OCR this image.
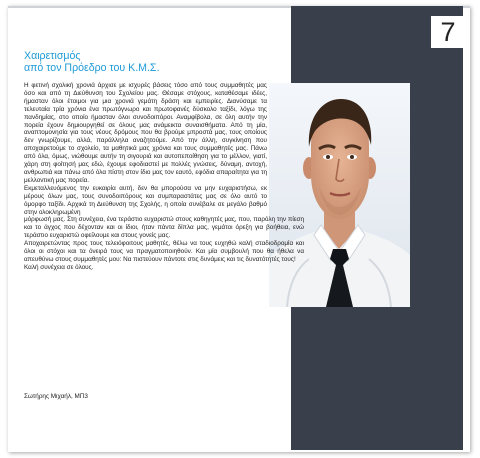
7
Χαιρετισμός
από τον Πρόεδρο του Κ.Μ.Σ.

Η φετινή σχολική χρονιά άρχισε με ισχυρές βάσεις τόσο από τους συμμαθητές μας όσο και από τη Διεύθυνση του Σχολείου μας. Θέσαμε στόχους, καταθέσαμε ιδέες, ήμασταν όλοι έτοιμοι για μια χρονιά γεμάτη δράση και εμπειρίες. Διανύσαμε τα τελευταία τρία χρόνια ένα πρωτόγνωρο και πρωτοφανές δύσκολο ταξίδι, λόγω της πανδημίας, στο οποίο ήμασταν όλοι συνοδοιπόροι. Αναμφίβολα, σε όλη αυτήν την πορεία έχουν δημιουργηθεί σε όλους μας ανάμεικτα συναισθήματα. Από τη μία, αναπτομονησία για τους νέους δρόμους που θα βρούμε μπροστά μας, τους οποίους δεν γνωρίζουμε, αλλά, παράλληλα αναζητούμε. Από την άλλη, συγκίνηση που αποχαιρετούμε το σχολείο, τα μαθητικά μας χρόνια και τους συμμαθητές μας. Πάνω από όλα, όμως, νιώθουμε αυτήν τη σιγουριά και αυτοπεποίθηση για το μέλλον, γιατί, χάρη στη φοίτησή μας εδώ, έχουμε εφοδιαστεί με πολλές γνώσεις, δύναμη, αντοχή, ανθρωπιά και πάνω από όλα πίστη στον ίδιο μας τον εαυτό, εφόδια απαραίτητα για τη μελλοντική μας πορεία.

Εκμεταλλευόμενος την ευκαιρία αυτή, δεν θα μπορούσα να μην ευχαριστήσω, εκ μέρους όλων μας, τους συνοδοιπόρους και συμπαραστάτες μας σε όλο αυτό το όμορφο ταξίδι. Αρχικά τη Διεύθυνση της Σχολής, η οποία συνέβαλε σε μεγάλο βαθμό στην ολοκληρωμένη

μόρφωσή μας. Στη συνέχεια, ένα τεράστιο ευχαριστώ στους καθηγητές μας, που, παρόλη την πίεση και το άγχος που δέχονταν και οι ίδιοι, ήταν πάντα δίπλα μας, γεμάτοι όρεξη για βοήθεια, ενώ τεράστιο ευχαριστώ οφείλουμε και στους γονείς μας.

Αποχαιρετώντας προς τους τελειόφοιτους μαθητές, θέλω να τους ευχηθώ καλή σταδιοδρομία και όλοι οι στόχοι και τα όνειρά τους να πραγματοποιηθούν. Και μία συμβουλή που θα ήθελα να απευθύνω στους συμμαθητές μου: Να πιστεύουν πάντοτε στις δυνάμεις και τις δυνατότητές τους!

Καλή συνέχεια σε όλους.

Σωτήρης Μιχαήλ, ΜΠ3
